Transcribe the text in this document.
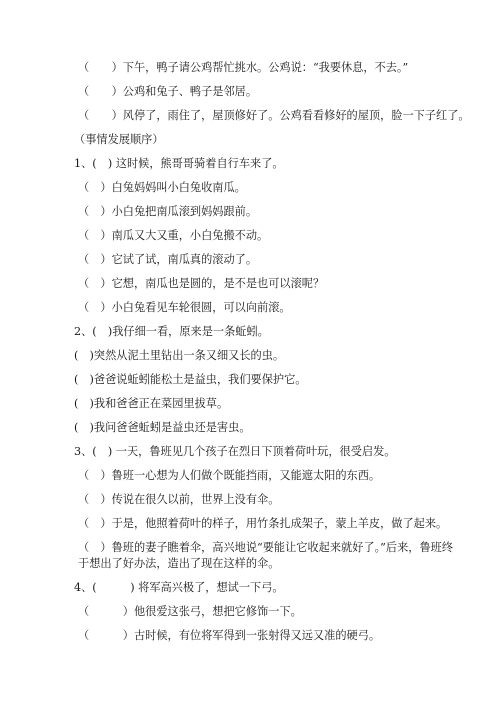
（　　）下午，鸭子请公鸡帮忙挑水。公鸡说：“我要休息，不去。”
（　　）公鸡和兔子、鸭子是邻居。
（　　）风停了，雨住了，屋顶修好了。公鸡看看修好的屋顶，脸一下子红了。
（事情发展顺序）
1、(　) 这时候，熊哥哥骑着自行车来了。
（　）白兔妈妈叫小白兔收南瓜。
（　）小白兔把南瓜滚到妈妈跟前。
（　）南瓜又大又重，小白兔搬不动。
（　）它试了试，南瓜真的滚动了。
（　）它想，南瓜也是圆的，是不是也可以滚呢？
（　）小白兔看见车轮很圆，可以向前滚。
2、(　)我仔细一看，原来是一条蚯蚓。
(　)突然从泥土里钻出一条又细又长的虫。
(　)爸爸说蚯蚓能松土是益虫，我们要保护它。
(　)我和爸爸正在菜园里拔草。
(　)我问爸爸蚯蚓是益虫还是害虫。
3、(　) 一天，鲁班见几个孩子在烈日下顶着荷叶玩，很受启发。
（　）鲁班一心想为人们做个既能挡雨，又能遮太阳的东西。
（　）传说在很久以前，世界上没有伞。
（　）于是，他照着荷叶的样子，用竹条扎成架子，蒙上羊皮，做了起来。
（　）鲁班的妻子瞧着伞，高兴地说“要能让它收起来就好了。”后来，鲁班终
于想出了好办法，造出了现在这样的伞。
4、(　　　) 将军高兴极了，想试一下弓。
（　　　）他很爱这张弓，想把它修饰一下。
（　　　）古时候，有位将军得到一张射得又远又准的硬弓。
